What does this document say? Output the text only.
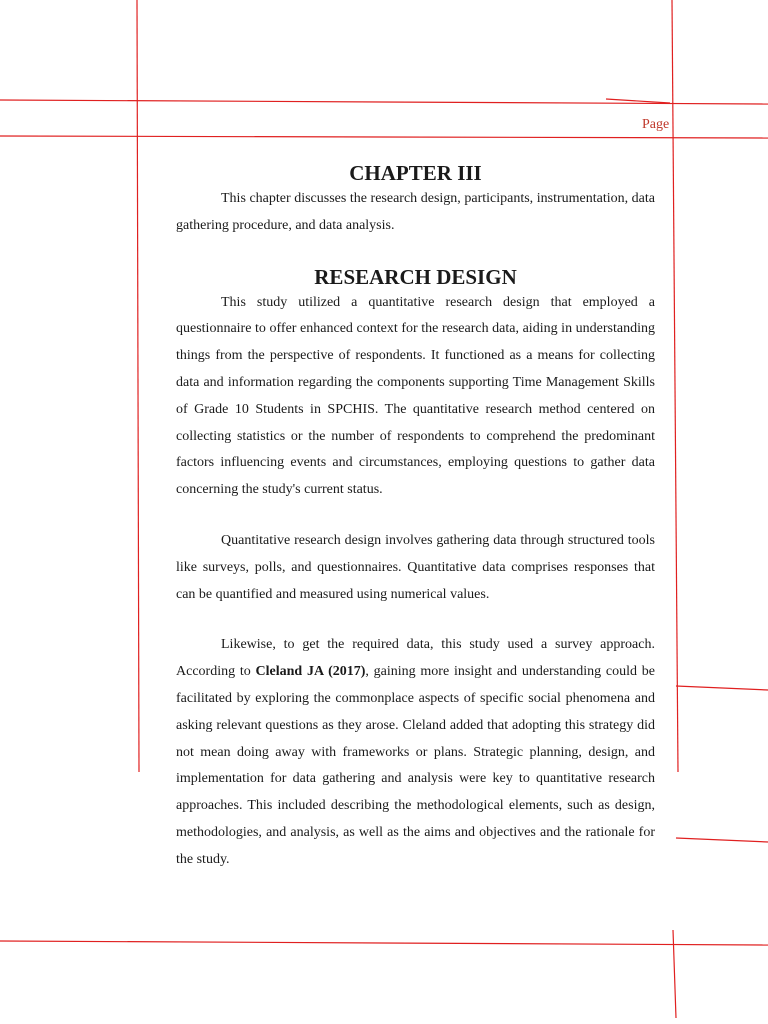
Page
CHAPTER III

This chapter discusses the research design, participants, instrumentation, data gathering procedure, and data analysis.

RESEARCH DESIGN

This study utilized a quantitative research design that employed a questionnaire to offer enhanced context for the research data, aiding in understanding things from the perspective of respondents. It functioned as a means for collecting data and information regarding the components supporting Time Management Skills of Grade 10 Students in SPCHIS. The quantitative research method centered on collecting statistics or the number of respondents to comprehend the predominant factors influencing events and circumstances, employing questions to gather data concerning the study's current status.

Quantitative research design involves gathering data through structured tools like surveys, polls, and questionnaires. Quantitative data comprises responses that can be quantified and measured using numerical values.

Likewise, to get the required data, this study used a survey approach. According to Cleland JA (2017), gaining more insight and understanding could be facilitated by exploring the commonplace aspects of specific social phenomena and asking relevant questions as they arose. Cleland added that adopting this strategy did not mean doing away with frameworks or plans. Strategic planning, design, and implementation for data gathering and analysis were key to quantitative research approaches. This included describing the methodological elements, such as design, methodologies, and analysis, as well as the aims and objectives and the rationale for the study.
